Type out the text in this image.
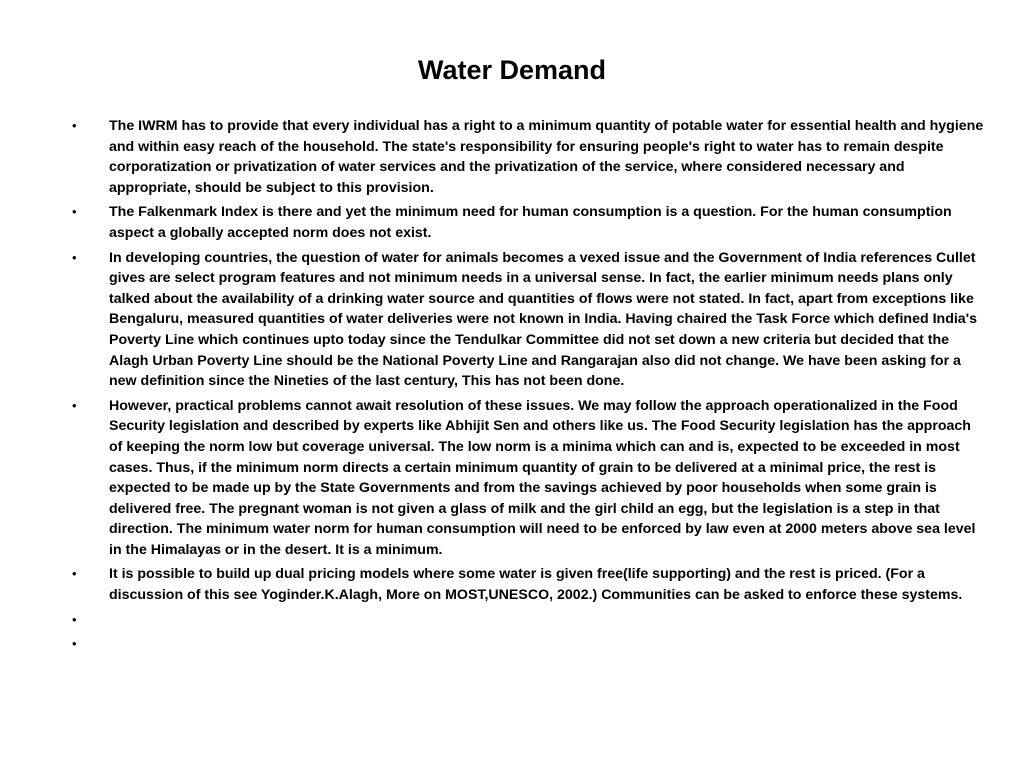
Water Demand
• The IWRM has to provide that every individual has a right to a minimum quantity of potable water for essential health and hygiene and within easy reach of the household. The state's responsibility for ensuring people's right to water has to remain despite corporatization or privatization of water services and the privatization of the service, where considered necessary and appropriate, should be subject to this provision.
• The Falkenmark Index is there and yet the minimum need for human consumption is a question. For the human consumption aspect a globally accepted norm does not exist.
• In developing countries, the question of water for animals becomes a vexed issue and the Government of India references Cullet gives are select program features and not minimum needs in a universal sense. In fact, the earlier minimum needs plans only talked about the availability of a drinking water source and quantities of flows were not stated. In fact, apart from exceptions like Bengaluru, measured quantities of water deliveries were not known in India. Having chaired the Task Force which defined India's Poverty Line which continues upto today since the Tendulkar Committee did not set down a new criteria but decided that the Alagh Urban Poverty Line should be the National Poverty Line and Rangarajan also did not change. We have been asking for a new definition since the Nineties of the last century, This has not been done.
• However, practical problems cannot await resolution of these issues. We may follow the approach operationalized in the Food Security legislation and described by experts like Abhijit Sen and others like us. The Food Security legislation has the approach of keeping the norm low but coverage universal. The low norm is a minima which can and is, expected to be exceeded in most cases. Thus, if the minimum norm directs a certain minimum quantity of grain to be delivered at a minimal price, the rest is expected to be made up by the State Governments and from the savings achieved by poor households when some grain is delivered free. The pregnant woman is not given a glass of milk and the girl child an egg, but the legislation is a step in that direction. The minimum water norm for human consumption will need to be enforced by law even at 2000 meters above sea level in the Himalayas or in the desert. It is a minimum.
• It is possible to build up dual pricing models where some water is given free(life supporting) and the rest is priced. (For a discussion of this see Yoginder.K.Alagh, More on MOST,UNESCO, 2002.) Communities can be asked to enforce these systems.
•
•
